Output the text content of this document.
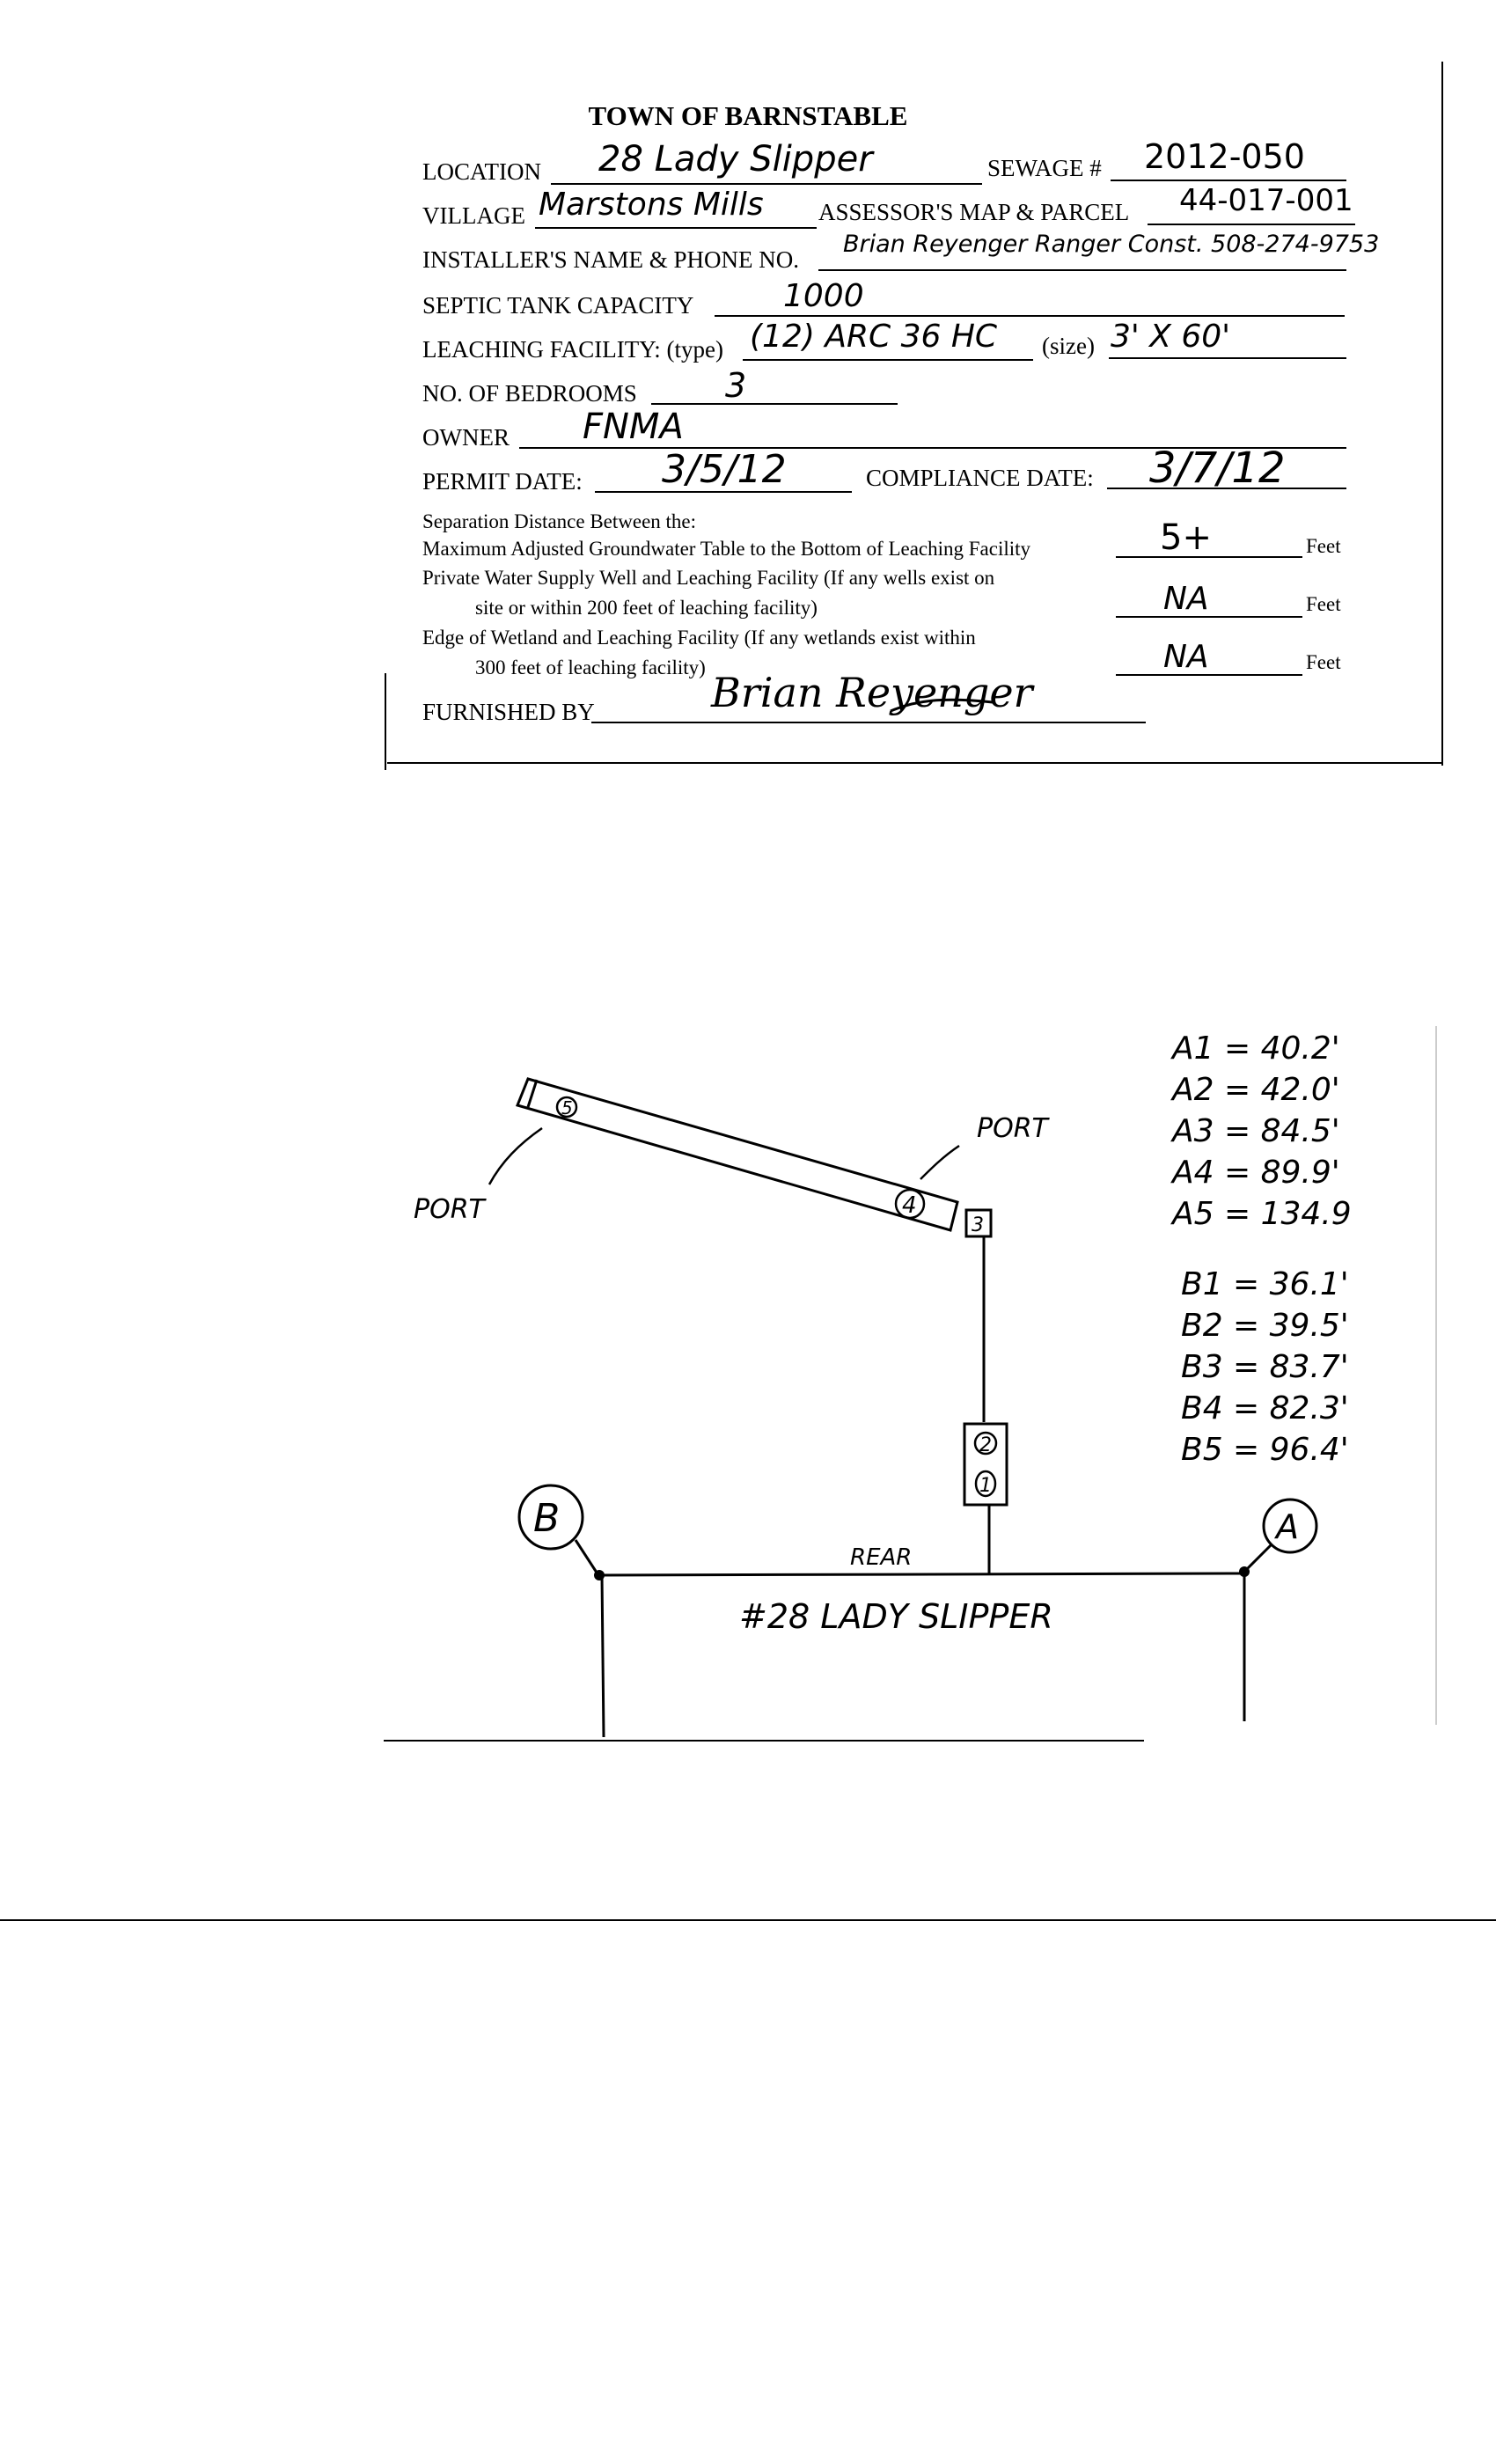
TOWN OF BARNSTABLE
LOCATION 28 Lady Slipper	SEWAGE # 2012-050
VILLAGE Marstons Mills ASSESSOR'S MAP & PARCEL 44-017-001
INSTALLER'S NAME & PHONE NO.
Brian Reyenger Ranger Const. 508-274-9753
SEPTIC TANK CAPACITY	1000
LEACHING FACILITY: (type) (12) ARC 36 HC (size) 3' X 60'
NO. OF BEDROOMS	3
OWNER FNMA
PERMIT DATE: 3/5/12	COMPLIANCE DATE: 3/7/12
Separation Distance Between the:
Maximum Adjusted Groundwater Table to the Bottom of Leaching Facility	5+	Feet
Private Water Supply Well and Leaching Facility (If any wells exist on
site or within 200 feet of leaching facility)	NA	Feet
Edge of Wetland and Leaching Facility (If any wetlands exist within
300 feet of leaching facility)	NA	Feet
FURNISHED BY	Brian Reyenger
5
4
PORT
PORT
3
2
1
REAR
#28 LADY SLIPPER
B	A
A1 = 40.2'
A2 = 42.0'
A3 = 84.5'
A4 = 89.9'
A5 = 134.9
B1 = 36.1'
B2 = 39.5'
B3 = 83.7'
B4 = 82.3'
B5 = 96.4'
